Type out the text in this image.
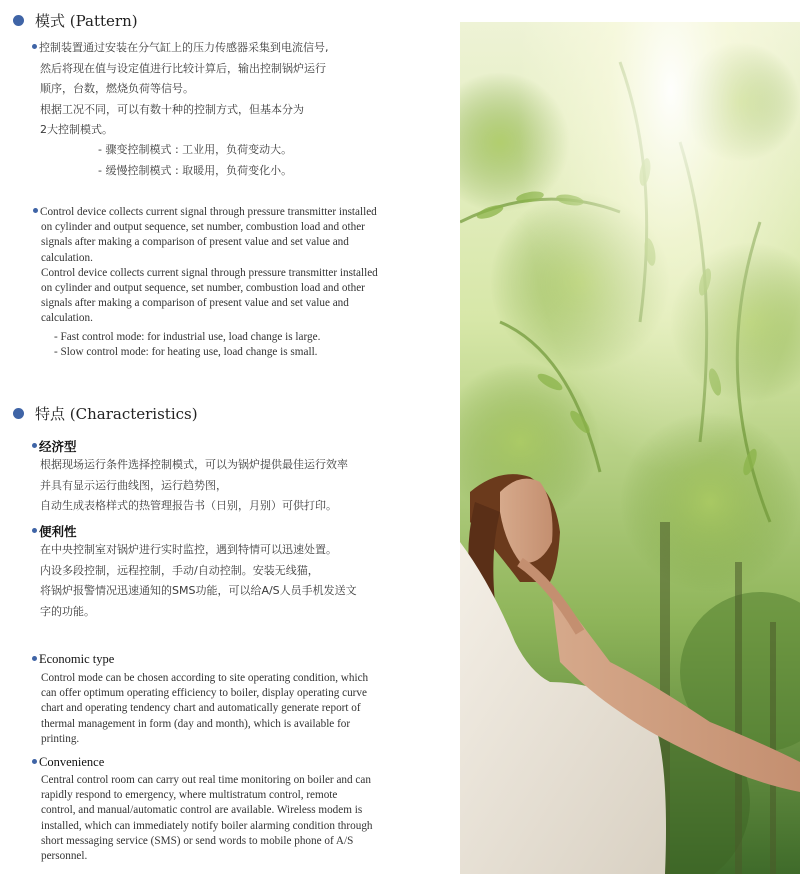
模式 (Pattern)
控制装置通过安装在分气缸上的压力传感器采集到电流信号,
然后将现在值与设定值进行比较计算后，输出控制锅炉运行
顺序，台数，燃烧负荷等信号。
根据工况不同，可以有数十种的控制方式，但基本分为
2大控制模式。
- 骤变控制模式 : 工业用，负荷变动大。
- 缓慢控制模式 : 取暖用，负荷变化小。
Control device collects current signal through pressure transmitter installed
on cylinder and output sequence, set number, combustion load and other
signals after making a comparison of present value and set value and
calculation.
Control device collects current signal through pressure transmitter installed
on cylinder and output sequence, set number, combustion load and other
signals after making a comparison of present value and set value and
calculation.
- Fast control mode: for industrial use, load change is large.
- Slow control mode: for heating use, load change is small.
特点 (Characteristics)
经济型
根据现场运行条件选择控制模式，可以为锅炉提供最佳运行效率
并具有显示运行曲线图，运行趋势图，
自动生成表格样式的热管理报告书（日别，月别）可供打印。
便利性
在中央控制室对锅炉进行实时监控，遇到特情可以迅速处置。
内设多段控制，远程控制，手动/自动控制。安装无线猫，
将锅炉报警情况迅速通知的SMS功能，可以给A/S人员手机发送文
字的功能。
Economic type
Control mode can be chosen according to site operating condition, which
can offer optimum operating efficiency to boiler, display operating curve
chart and operating tendency chart and automatically generate report of
thermal management in form (day and month), which is available for
printing.
Convenience
Central control room can carry out real time monitoring on boiler and can
rapidly respond to emergency, where multistratum control, remote
control, and manual/automatic control are available. Wireless modem is
installed, which can immediately notify boiler alarming condition through
short messaging service (SMS) or send words to mobile phone of A/S
personnel.
